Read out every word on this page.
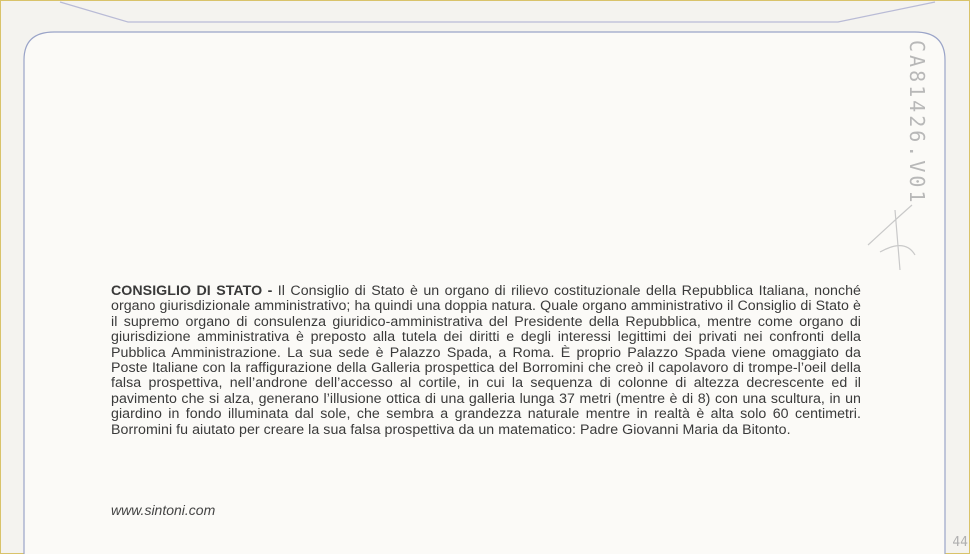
CONSIGLIO DI STATO - Il Consiglio di Stato è un organo di rilievo costituzionale della Repubblica Italiana, nonché organo giurisdizionale amministrativo; ha quindi una doppia natura. Quale organo amministrativo il Consiglio di Stato è il supremo organo di consulenza giuridico-amministrativa del Presidente della Repubblica, mentre come organo di giurisdizione amministrativa è preposto alla tutela dei diritti e degli interessi legittimi dei privati nei confronti della Pubblica Amministrazione. La sua sede è Palazzo Spada, a Roma. È proprio Palazzo Spada viene omaggiato da Poste Italiane con la raffigurazione della Galleria prospettica del Borromini che creò il capolavoro di trompe-l’oeil della falsa prospettiva, nell’androne dell’accesso al cortile, in cui la sequenza di colonne di altezza decrescente ed il pavimento che si alza, generano l’illusione ottica di una galleria lunga 37 metri (mentre è di 8) con una scultura, in un giardino in fondo illuminata dal sole, che sembra a grandezza naturale mentre in realtà è alta solo 60 centimetri. Borromini fu aiutato per creare la sua falsa prospettiva da un matematico: Padre Giovanni Maria da Bitonto.
www.sintoni.com
CA81426.V01
44
